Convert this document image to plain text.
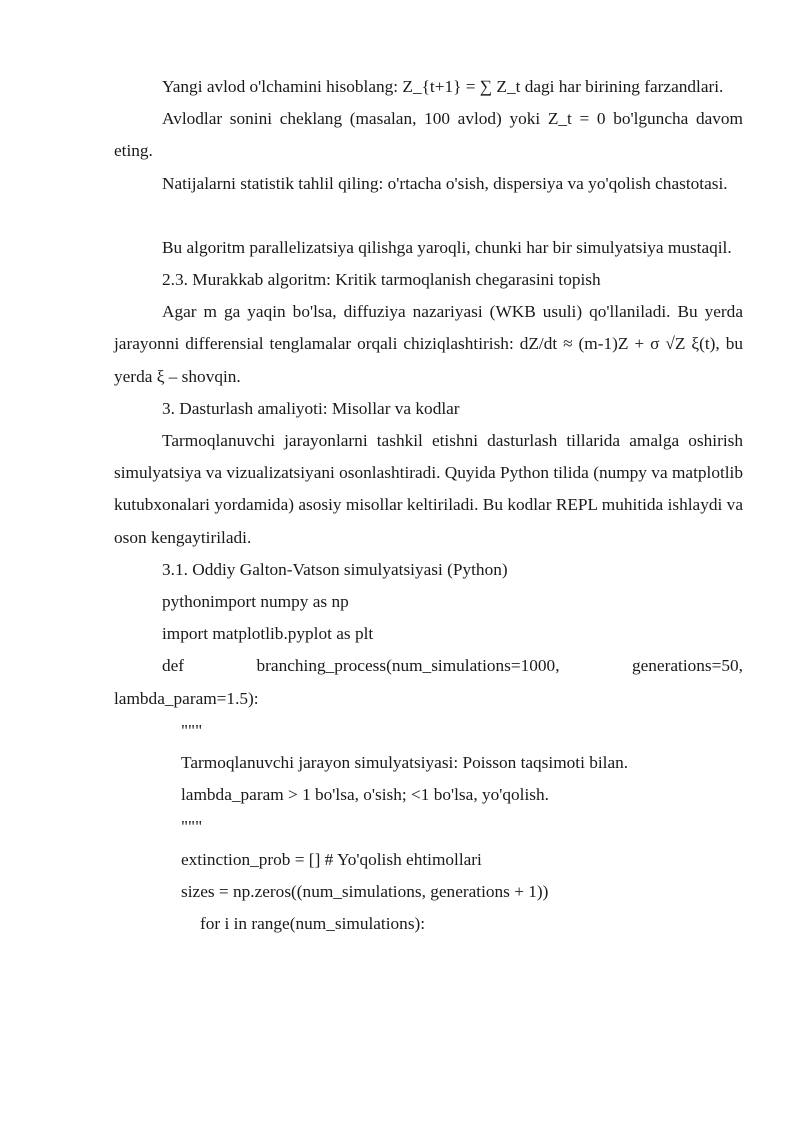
Yangi avlod o'lchamini hisoblang: Z_{t+1} = ∑ Z_t dagi har birining farzandlari.

Avlodlar sonini cheklang (masalan, 100 avlod) yoki Z_t = 0 bo'lguncha davom eting.

Natijalarni statistik tahlil qiling: o'rtacha o'sish, dispersiya va yo'qolish chastotasi.

Bu algoritm parallelizatsiya qilishga yaroqli, chunki har bir simulyatsiya mustaqil.

2.3. Murakkab algoritm: Kritik tarmoqlanish chegarasini topish

Agar m ga yaqin bo'lsa, diffuziya nazariyasi (WKB usuli) qo'llaniladi. Bu yerda jarayonni differensial tenglamalar orqali chiziqlashtirish: dZ/dt ≈ (m-1)Z + σ √Z ξ(t), bu yerda ξ – shovqin.

3. Dasturlash amaliyoti: Misollar va kodlar

Tarmoqlanuvchi jarayonlarni tashkil etishni dasturlash tillarida amalga oshirish simulyatsiya va vizualizatsiyani osonlashtiradi. Quyida Python tilida (numpy va matplotlib kutubxonalari yordamida) asosiy misollar keltiriladi. Bu kodlar REPL muhitida ishlaydi va oson kengaytiriladi.

3.1. Oddiy Galton-Vatson simulyatsiyasi (Python)

pythonimport numpy as np

import matplotlib.pyplot as plt

def	branching_process(num_simulations=1000,	generations=50,

lambda_param=1.5):

"""

Tarmoqlanuvchi jarayon simulyatsiyasi: Poisson taqsimoti bilan.

lambda_param > 1 bo'lsa, o'sish; <1 bo'lsa, yo'qolish.

"""

extinction_prob = [] # Yo'qolish ehtimollari

sizes = np.zeros((num_simulations, generations + 1))

for i in range(num_simulations):
